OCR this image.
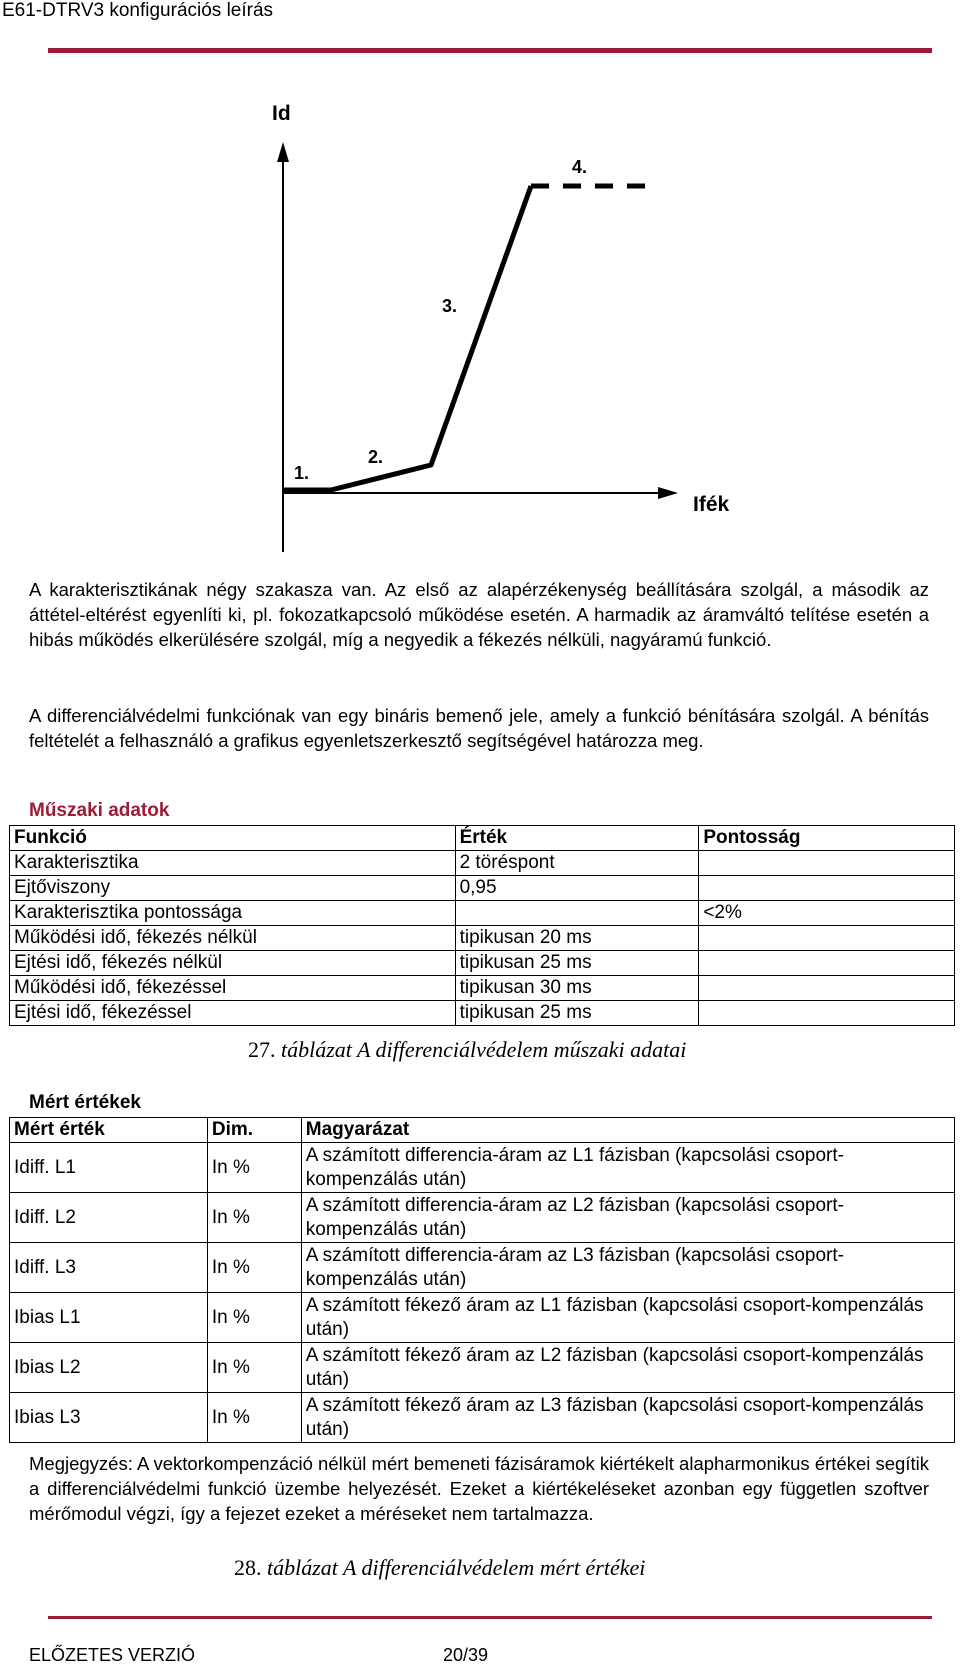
E61-DTRV3 konfigurációs leírás
Id
Ifék
1.
2.
3.
4.
A karakterisztikának négy szakasza van. Az első az alapérzékenység beállítására szolgál, a második az áttétel-eltérést egyenlíti ki, pl. fokozatkapcsoló működése esetén. A harmadik az áramváltó telítése esetén a hibás működés elkerülésére szolgál, míg a negyedik a fékezés nélküli, nagyáramú funkció.
A differenciálvédelmi funkciónak van egy bináris bemenő jele, amely a funkció bénítására szolgál. A bénítás feltételét a felhasználó a grafikus egyenletszerkesztő segítségével határozza meg.
Műszaki adatok
Funkció	Érték	Pontosság
Karakterisztika	2 töréspont	
Ejtőviszony	0,95	
Karakterisztika pontossága		<2%
Működési idő, fékezés nélkül	tipikusan 20 ms	
Ejtési idő, fékezés nélkül	tipikusan 25 ms	
Működési idő, fékezéssel	tipikusan 30 ms	
Ejtési idő, fékezéssel	tipikusan 25 ms	
27. táblázat A differenciálvédelem műszaki adatai
Mért értékek
Mért érték	Dim.	Magyarázat
Idiff. L1	In %	A számított differencia-áram az L1 fázisban (kapcsolási csoport-kompenzálás után)
Idiff. L2	In %	A számított differencia-áram az L2 fázisban (kapcsolási csoport-kompenzálás után)
Idiff. L3	In %	A számított differencia-áram az L3 fázisban (kapcsolási csoport-kompenzálás után)
Ibias L1	In %	A számított fékező áram az L1 fázisban (kapcsolási csoport-kompenzálás után)
Ibias L2	In %	A számított fékező áram az L2 fázisban (kapcsolási csoport-kompenzálás után)
Ibias L3	In %	A számított fékező áram az L3 fázisban (kapcsolási csoport-kompenzálás után)
Megjegyzés: A vektorkompenzáció nélkül mért bemeneti fázisáramok kiértékelt alapharmonikus értékei segítik a differenciálvédelmi funkció üzembe helyezését. Ezeket a kiértékeléseket azonban egy független szoftver mérőmodul végzi, így a fejezet ezeket a méréseket nem tartalmazza.
28. táblázat A differenciálvédelem mért értékei
ELŐZETES VERZIÓ	20/39
